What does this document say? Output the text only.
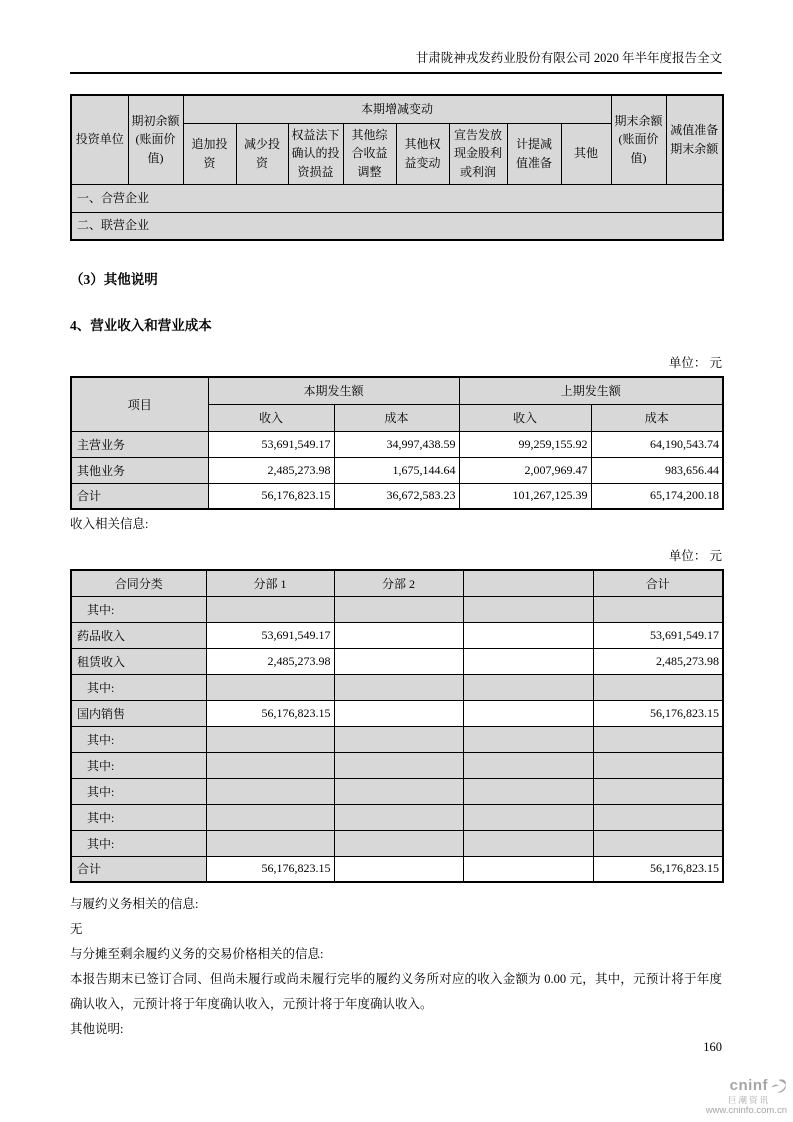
甘肃陇神戎发药业股份有限公司 2020 年半年度报告全文
投资单位	期初余额(账面价值)	本期增减变动								期末余额(账面价值)	减值准备期末余额
		追加投资	减少投资	权益法下确认的投资损益	其他综合收益调整	其他权益变动	宣告发放现金股利或利润	计提减值准备	其他		
一、合营企业											
二、联营企业											
（3）其他说明
4、营业收入和营业成本
单位： 元
项目	本期发生额		上期发生额	
	收入	成本	收入	成本
主营业务	53,691,549.17	34,997,438.59	99,259,155.92	64,190,543.74
其他业务	2,485,273.98	1,675,144.64	2,007,969.47	983,656.44
合计	56,176,823.15	36,672,583.23	101,267,125.39	65,174,200.18
收入相关信息:
单位： 元
合同分类	分部 1	分部 2		合计
其中:				
药品收入	53,691,549.17			53,691,549.17
租赁收入	2,485,273.98			2,485,273.98
其中:				
国内销售	56,176,823.15			56,176,823.15
其中:				
其中:				
其中:				
其中:				
其中:				
合计	56,176,823.15			56,176,823.15
与履约义务相关的信息:
无
与分摊至剩余履约义务的交易价格相关的信息:
本报告期末已签订合同、但尚未履行或尚未履行完毕的履约义务所对应的收入金额为 0.00 元，其中，元预计将于年度确认收入，元预计将于年度确认收入，元预计将于年度确认收入。
其他说明:
160
cninf
巨潮资讯
www.cninfo.com.cn
